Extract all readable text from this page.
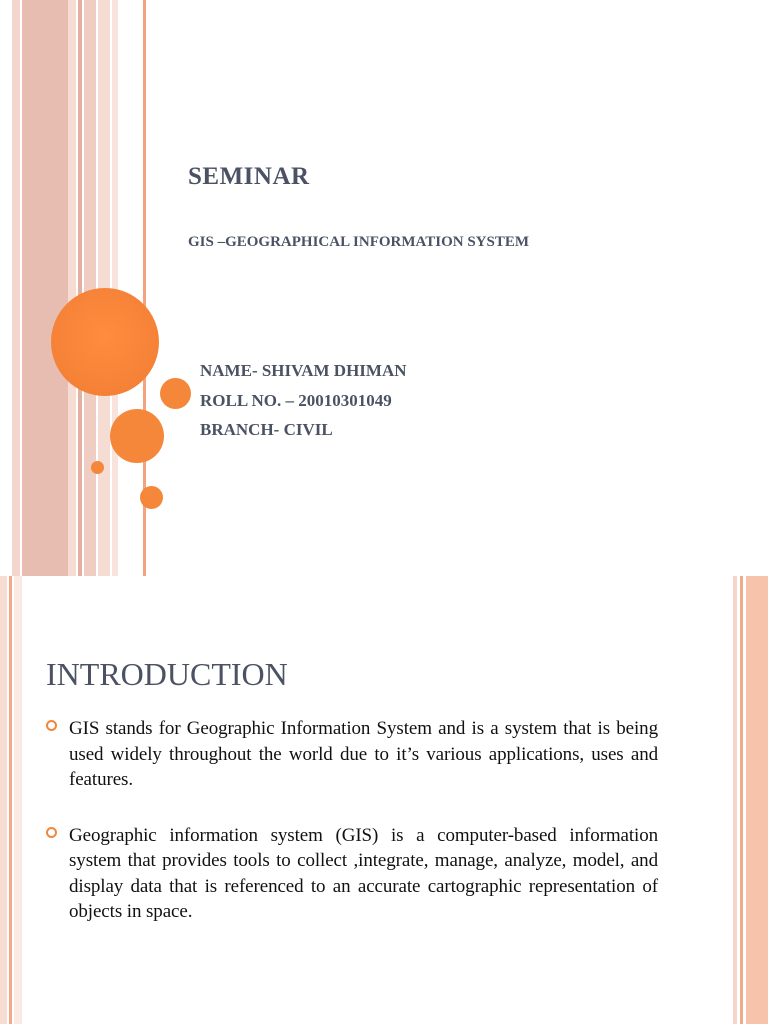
SEMINAR
GIS –GEOGRAPHICAL INFORMATION SYSTEM
NAME- SHIVAM DHIMAN
ROLL NO. – 20010301049
BRANCH- CIVIL
INTRODUCTION
GIS stands for Geographic Information System and is a system that is being used widely throughout the world due to it’s various applications, uses and features.
Geographic information system (GIS) is a computer-based information system that provides tools to collect ,integrate, manage, analyze, model, and display data that is referenced to an accurate cartographic representation of objects in space.
